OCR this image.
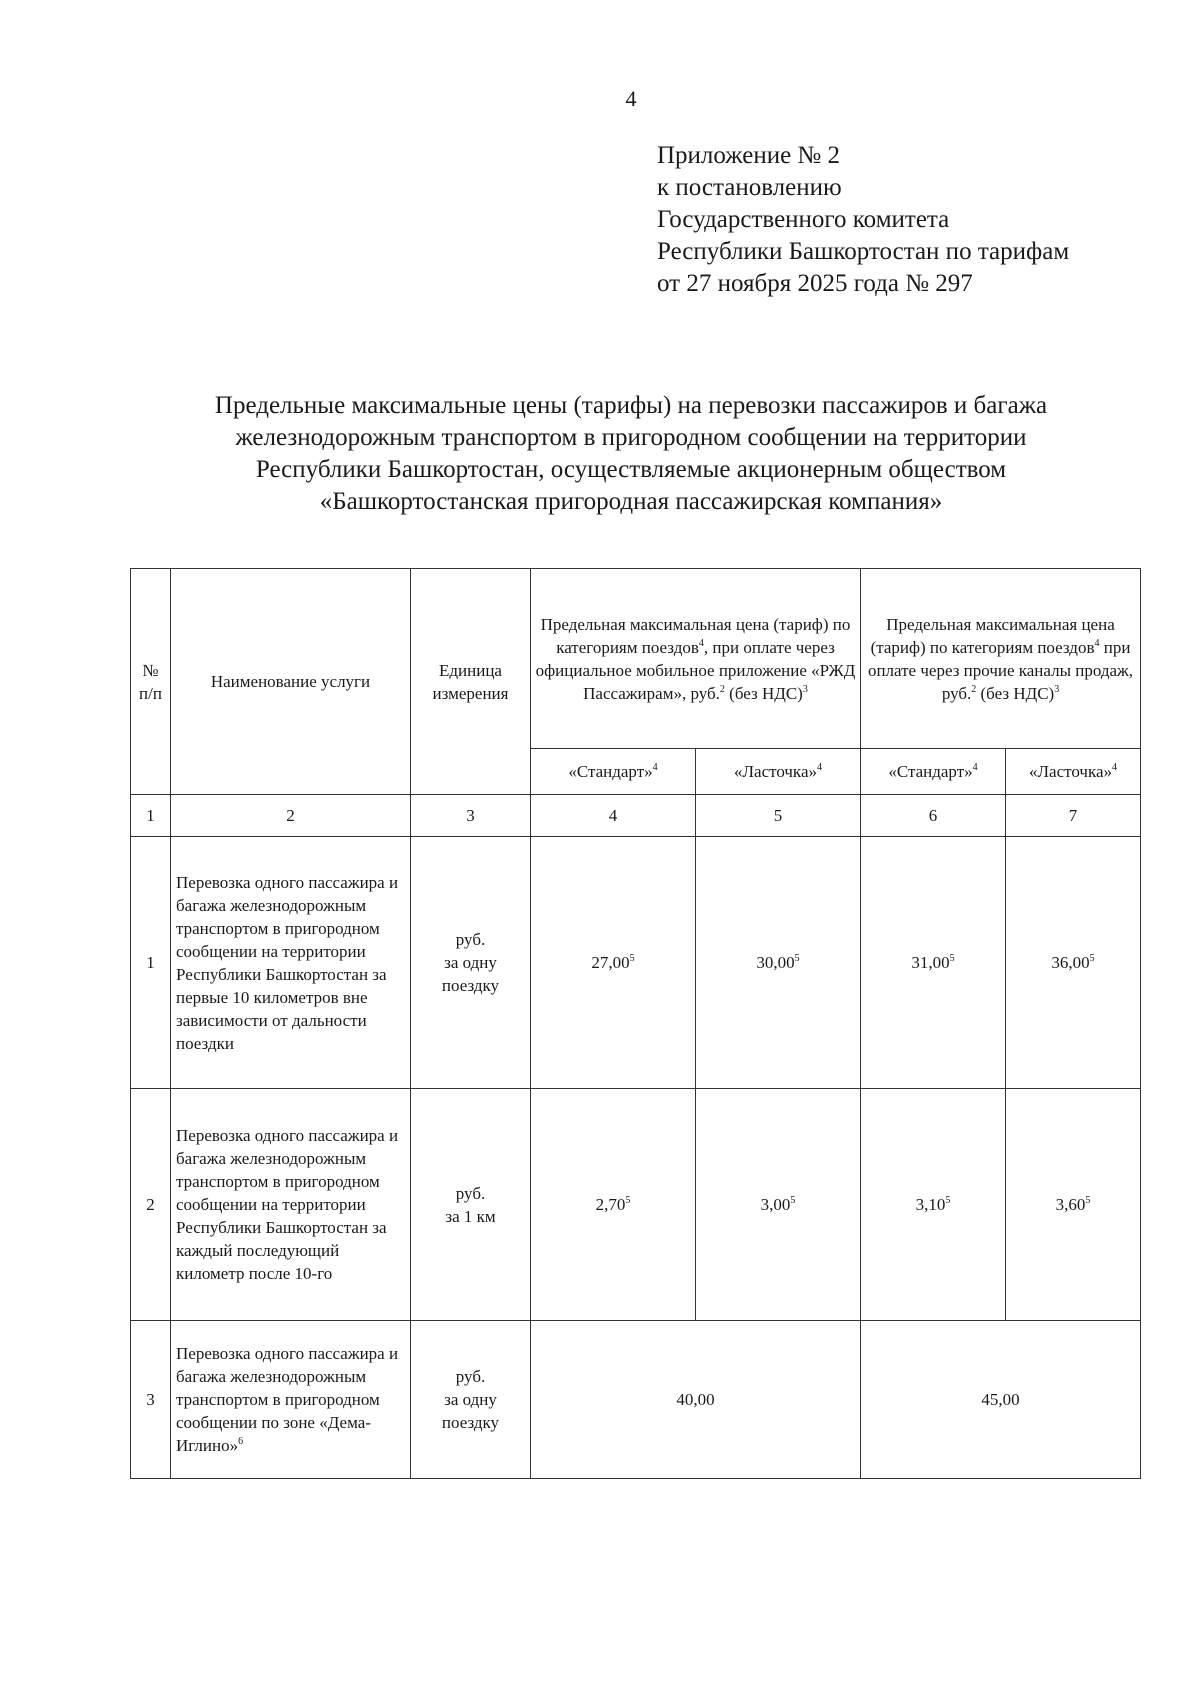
4
Приложение № 2
к постановлению
Государственного комитета
Республики Башкортостан по тарифам
от 27 ноября 2025 года № 297
Предельные максимальные цены (тарифы) на перевозки пассажиров и багажа
железнодорожным транспортом в пригородном сообщении на территории
Республики Башкортостан, осуществляемые акционерным обществом
«Башкортостанская пригородная пассажирская компания»
№ п/п	Наименование услуги	Единица измерения	Предельная максимальная цена (тариф) по категориям поездов$^4$, при оплате через официальное мобильное приложение «РЖД Пассажирам», руб.$^2$ (без НДС)$^3$		Предельная максимальная цена (тариф) по категориям поездов$^4$ при оплате через прочие каналы продаж, руб.$^2$ (без НДС)$^3$
			«Стандарт»$^4$	«Ласточка»$^4$	«Стандарт»$^4$	«Ласточка»$^4$
1	2	3	4	5	6	7
1	Перевозка одного пассажира и багажа железнодорожным транспортом в пригородном сообщении на территории Республики Башкортостан за первые 10 километров вне зависимости от дальности поездки	руб.
за одну
поездку	27,00$^5$	30,00$^5$	31,00$^5$	36,00$^5$
2	Перевозка одного пассажира и багажа железнодорожным транспортом в пригородном сообщении на территории Республики Башкортостан за каждый последующий километр после 10-го	руб.
за 1 км	2,70$^5$	3,00$^5$	3,10$^5$	3,60$^5$
3	Перевозка одного пассажира и багажа железнодорожным транспортом в пригородном сообщении по зоне «Дема-Иглино»$^6$	руб.
за одну
поездку	40,00		45,00	
